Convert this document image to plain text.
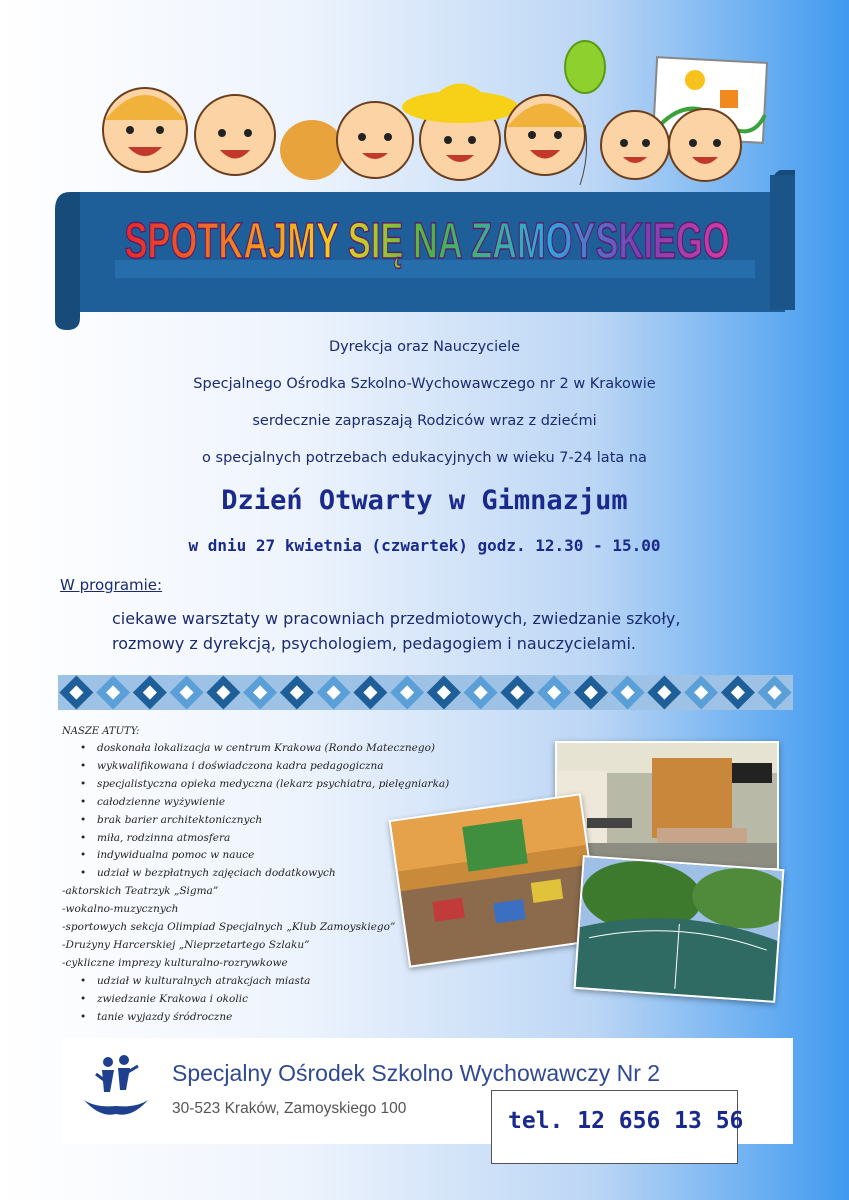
SPOTKAJMY SIĘ NA ZAMOYSKIEGO
Dyrekcja oraz Nauczyciele
Specjalnego Ośrodka Szkolno-Wychowawczego nr 2 w Krakowie
serdecznie zapraszają Rodziców wraz z dziećmi
o specjalnych potrzebach edukacyjnych w wieku 7-24 lata na
Dzień Otwarty w Gimnazjum
w dniu 27 kwietnia (czwartek) godz. 12.30 - 15.00
W programie:
ciekawe warsztaty w pracowniach przedmiotowych, zwiedzanie szkoły,
rozmowy z dyrekcją, psychologiem, pedagogiem i nauczycielami.
NASZE ATUTY:
• doskonała lokalizacja w centrum Krakowa (Rondo Matecznego)
• wykwalifikowana i doświadczona kadra pedagogiczna
• specjalistyczna opieka medyczna (lekarz psychiatra, pielęgniarka)
• całodzienne wyżywienie
• brak barier architektonicznych
• miła, rodzinna atmosfera
• indywidualna pomoc w nauce
• udział w bezpłatnych zajęciach dodatkowych
-aktorskich Teatrzyk „Sigma”
-wokalno-muzycznych
-sportowych sekcja Olimpiad Specjalnych „Klub Zamoyskiego”
-Drużyny Harcerskiej „Nieprzetartego Szlaku”
-cykliczne imprezy kulturalno-rozrywkowe
• udział w kulturalnych atrakcjach miasta
• zwiedzanie Krakowa i okolic
• tanie wyjazdy śródroczne
Specjalny Ośrodek Szkolno Wychowawczy Nr 2
30-523 Kraków, Zamoyskiego 100	tel. 12 656 13 56
